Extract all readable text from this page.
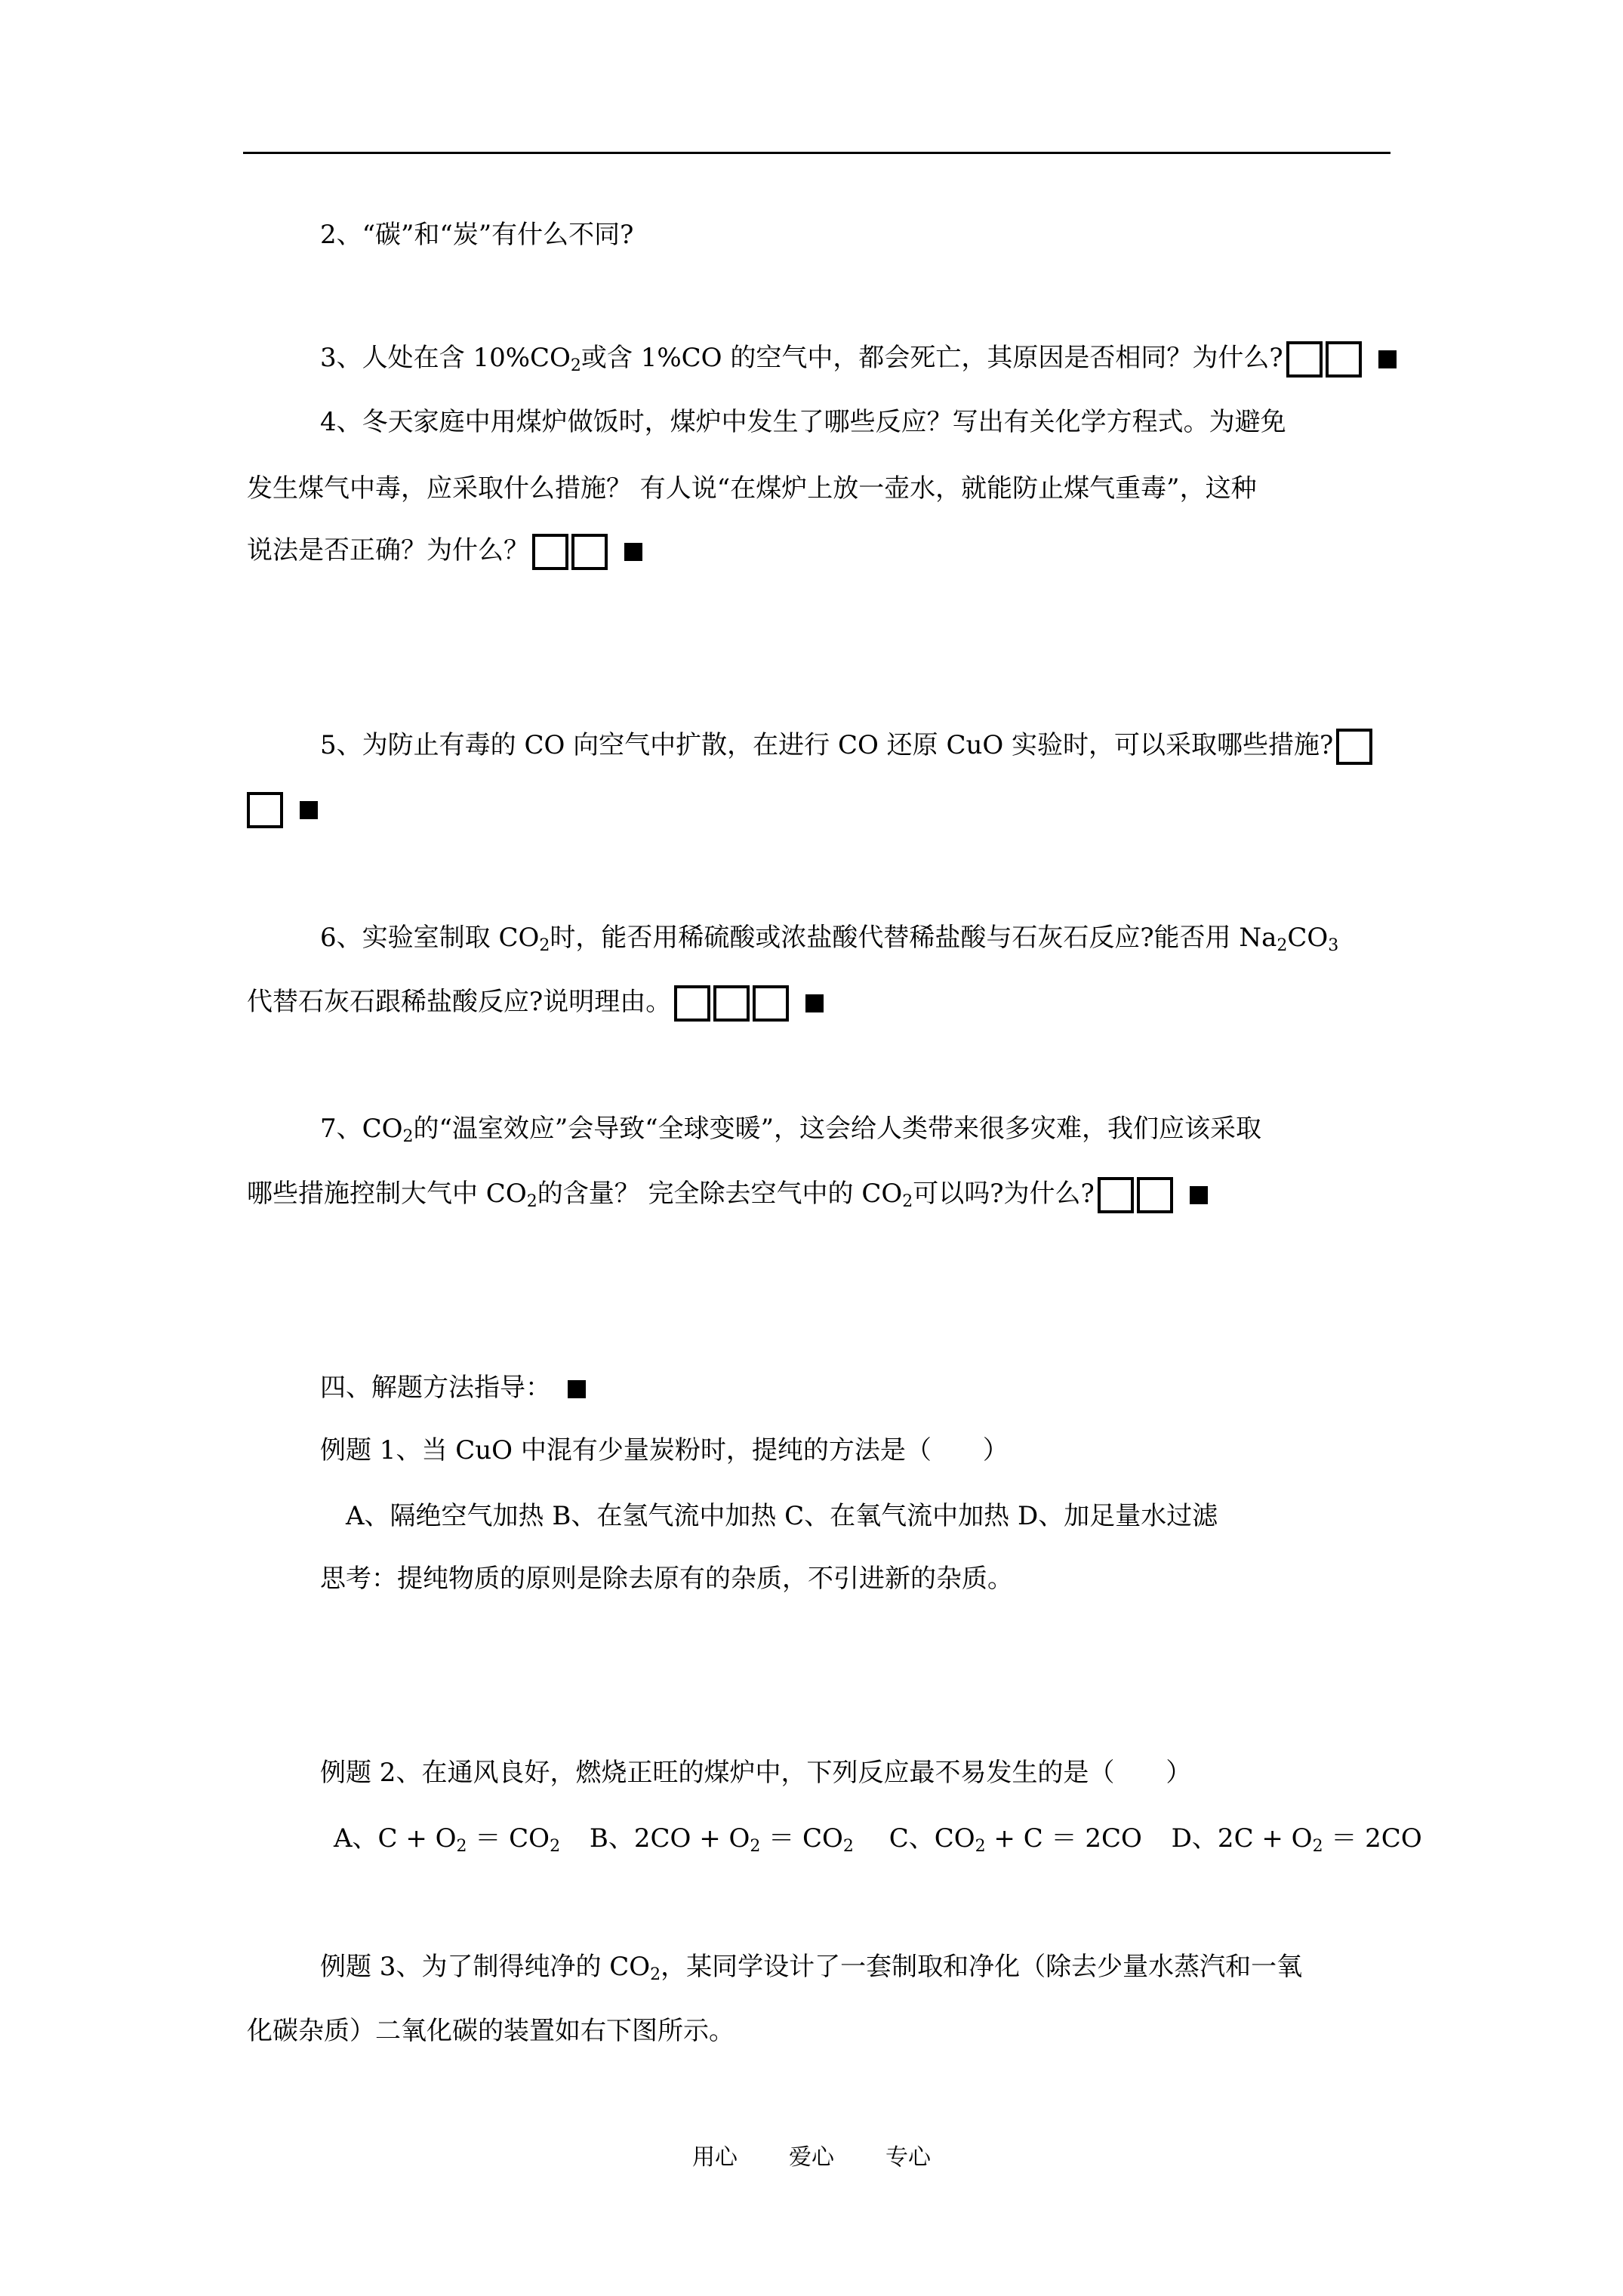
2、“碳”和“炭”有什么不同?
3、人处在含 $10\%CO_2$或含 1%CO 的空气中，都会死亡，其原因是否相同？为什么?
4、冬天家庭中用煤炉做饭时，煤炉中发生了哪些反应？写出有关化学方程式。为避免
发生煤气中毒，应采取什么措施？ 有人说“在煤炉上放一壶水，就能防止煤气重毒”，这种
说法是否正确？为什么？
5、为防止有毒的 CO 向空气中扩散，在进行 CO 还原 CuO 实验时，可以采取哪些措施?
6、实验室制取 $CO_2$时，能否用稀硫酸或浓盐酸代替稀盐酸与石灰石反应?能否用 $Na_2CO_3$
代替石灰石跟稀盐酸反应?说明理由。
7、$CO_2$的“温室效应”会导致“全球变暖”，这会给人类带来很多灾难，我们应该采取
哪些措施控制大气中 $CO_2$的含量？ 完全除去空气中的 $CO_2$可以吗?为什么?
四、解题方法指导：
例题 1、当 CuO 中混有少量炭粉时，提纯的方法是（　　）
A、隔绝空气加热 B、在氢气流中加热 C、在氧气流中加热 D、加足量水过滤
思考：提纯物质的原则是除去原有的杂质，不引进新的杂质。
例题 2、在通风良好，燃烧正旺的煤炉中，下列反应最不易发生的是（　　）
A、$C + O_2 = CO_2$ B、$2CO + O_2 = CO_2$ C、$CO_2 + C = 2CO$ D、$2C + O_2 = 2CO$
例题 3、为了制得纯净的 $CO_2$，某同学设计了一套制取和净化（除去少量水蒸汽和一氧
化碳杂质）二氧化碳的装置如右下图所示。
用心 爱心 专心
